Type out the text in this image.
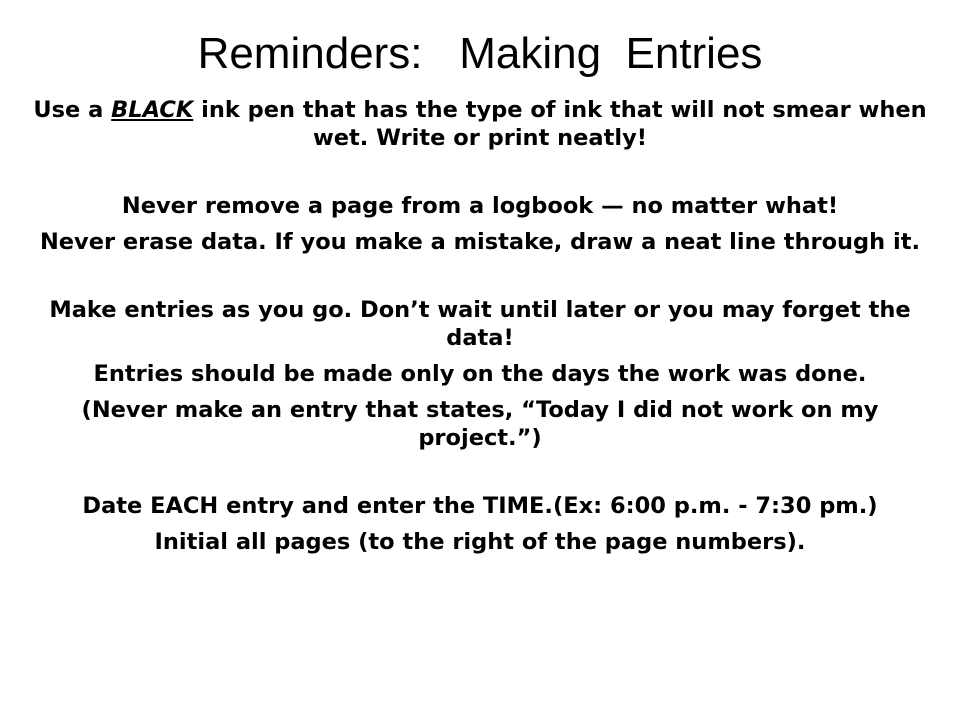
Reminders:   Making  Entries

Use a BLACK ink pen that has the type of ink that will not smear when wet. Write or print neatly!

Never remove a page from a logbook — no matter what!

Never erase data. If you make a mistake, draw a neat line through it.

Make entries as you go. Don’t wait until later or you may forget the data!

Entries should be made only on the days the work was done.

(Never make an entry that states, “Today I did not work on my project.”)

Date EACH entry and enter the TIME.(Ex: 6:00 p.m. - 7:30 pm.)

Initial all pages (to the right of the page numbers).
